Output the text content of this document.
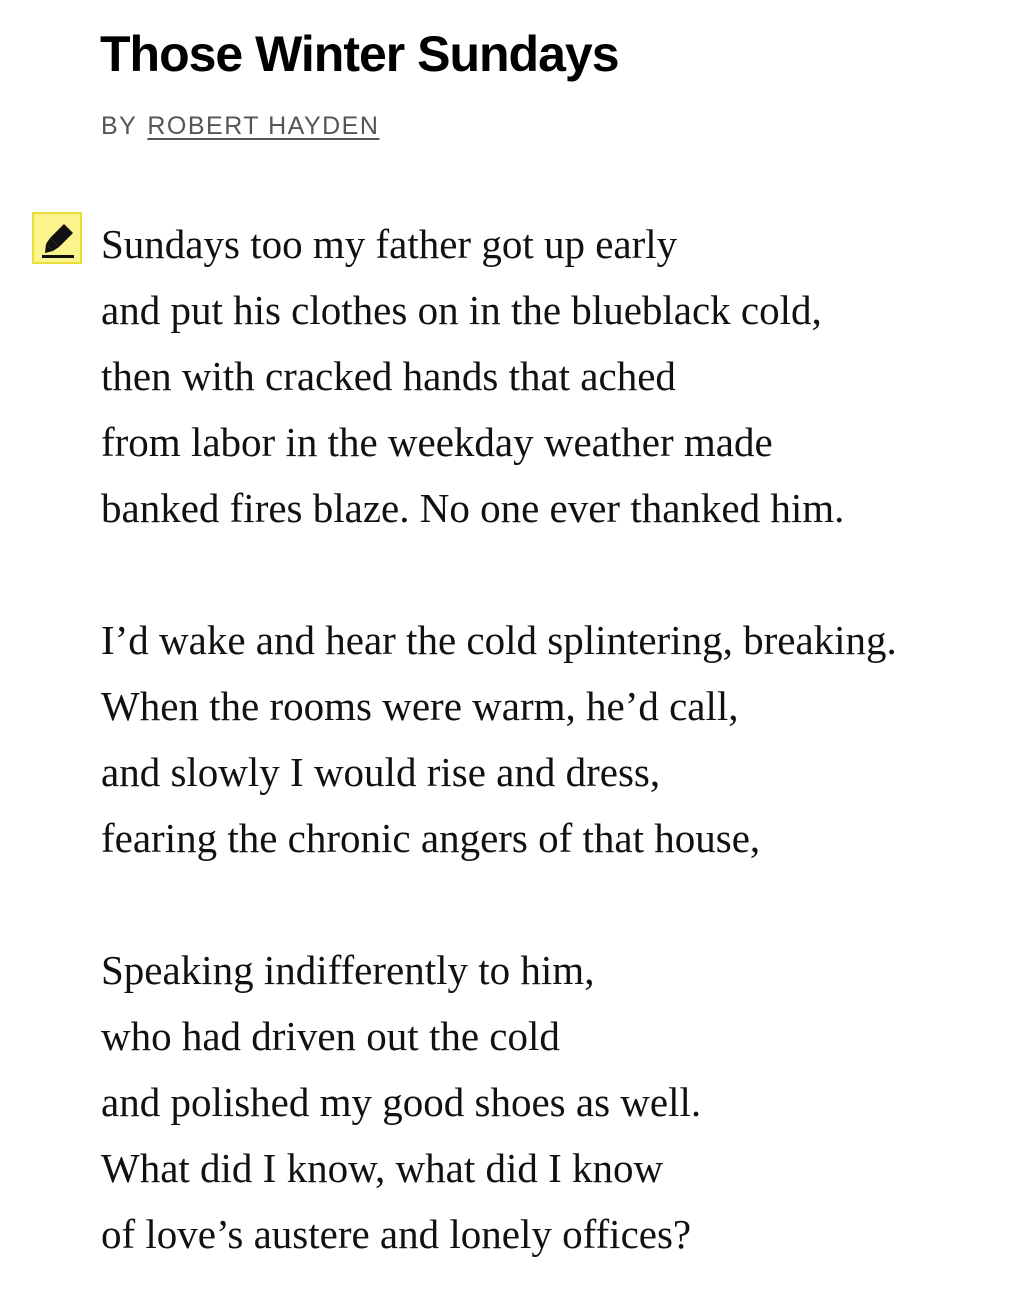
Those Winter Sundays
BY ROBERT HAYDEN
Sundays too my father got up early
and put his clothes on in the blueblack cold,
then with cracked hands that ached
from labor in the weekday weather made
banked fires blaze. No one ever thanked him.
I’d wake and hear the cold splintering, breaking.
When the rooms were warm, he’d call,
and slowly I would rise and dress,
fearing the chronic angers of that house,
Speaking indifferently to him,
who had driven out the cold
and polished my good shoes as well.
What did I know, what did I know
of love’s austere and lonely offices?
